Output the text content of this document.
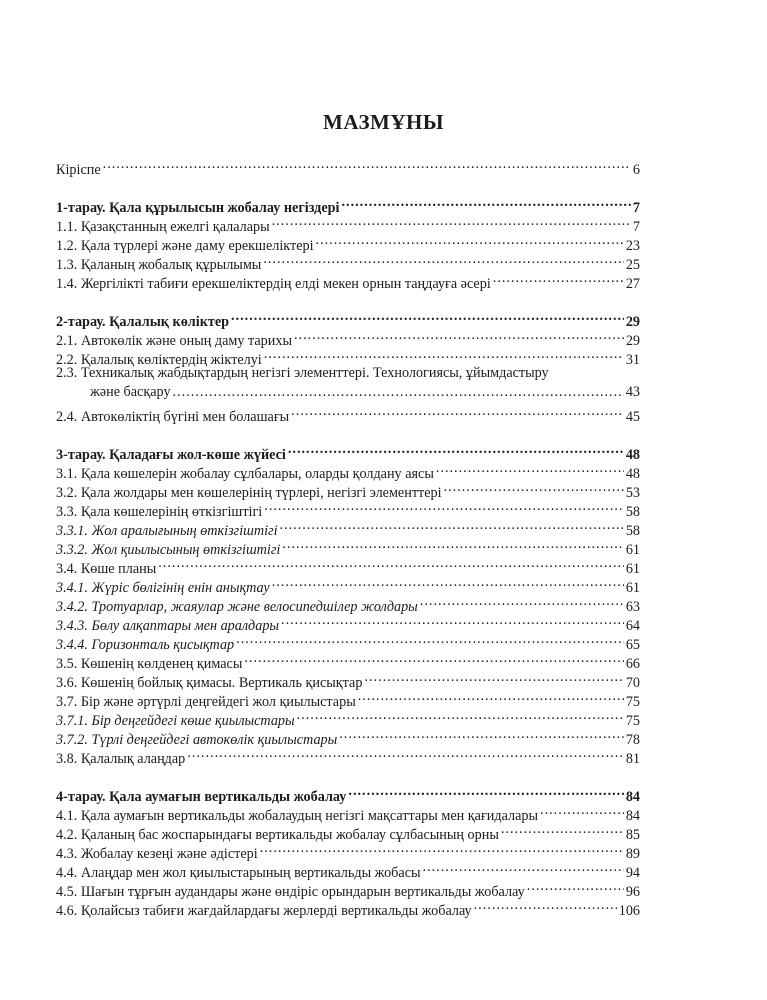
МАЗМҰНЫ
Кіріспе .....	6
1-тарау. Қала құрылысын жобалау негіздері .....	7
1.1. Қазақстанның ежелгі қалалары .....	7
1.2. Қала түрлері және даму ерекшеліктері .....	23
1.3. Қаланың жобалық құрылымы .....	25
1.4. Жергілікті табиғи ерекшеліктердің елді мекен орнын таңдауға әсері .....	27
2-тарау. Қалалық көліктер .....	29
2.1. Автокөлік және оның даму тарихы .....	29
2.2. Қалалық көліктердің жіктелуі .....	31
2.3. Техникалық жабдықтардың негізгі элементтері. Технологиясы, ұйымдастыру
және басқару .....	43
2.4. Автокөліктің бүгіні мен болашағы .....	45
3-тарау. Қаладағы жол-көше жүйесі .....	48
3.1. Қала көшелерін жобалау сұлбалары, оларды қолдану аясы .....	48
3.2. Қала жолдары мен көшелерінің түрлері, негізгі элементтері .....	53
3.3. Қала көшелерінің өткізгіштігі .....	58
3.3.1. Жол аралығының өткізгіштігі .....	58
3.3.2. Жол қиылысының өткізгіштігі .....	61
3.4. Көше планы .....	61
3.4.1. Жүріс бөлігінің енін анықтау .....	61
3.4.2. Тротуарлар, жаяулар және велосипедшілер жолдары .....	63
3.4.3. Бөлу алқаптары мен аралдары .....	64
3.4.4. Горизонталь қисықтар .....	65
3.5. Көшенің көлденең қимасы .....	66
3.6. Көшенің бойлық қимасы. Вертикаль қисықтар .....	70
3.7. Бір және әртүрлі деңгейдегі жол қиылыстары .....	75
3.7.1. Бір деңгейдегі көше қиылыстары .....	75
3.7.2. Түрлі деңгейдегі автокөлік қиылыстары .....	78
3.8. Қалалық алаңдар .....	81
4-тарау. Қала аумағын вертикальды жобалау .....	84
4.1. Қала аумағын вертикальды жобалаудың негізгі мақсаттары мен қағидалары .....	84
4.2. Қаланың бас жоспарындағы вертикальды жобалау сұлбасының орны .....	85
4.3. Жобалау кезеңі және әдістері .....	89
4.4. Алаңдар мен жол қиылыстарының вертикальды жобасы .....	94
4.5. Шағын тұрғын аудандары және өндіріс орындарын вертикальды жобалау .....	96
4.6. Қолайсыз табиғи жағдайлардағы жерлерді вертикальды жобалау .....	106
